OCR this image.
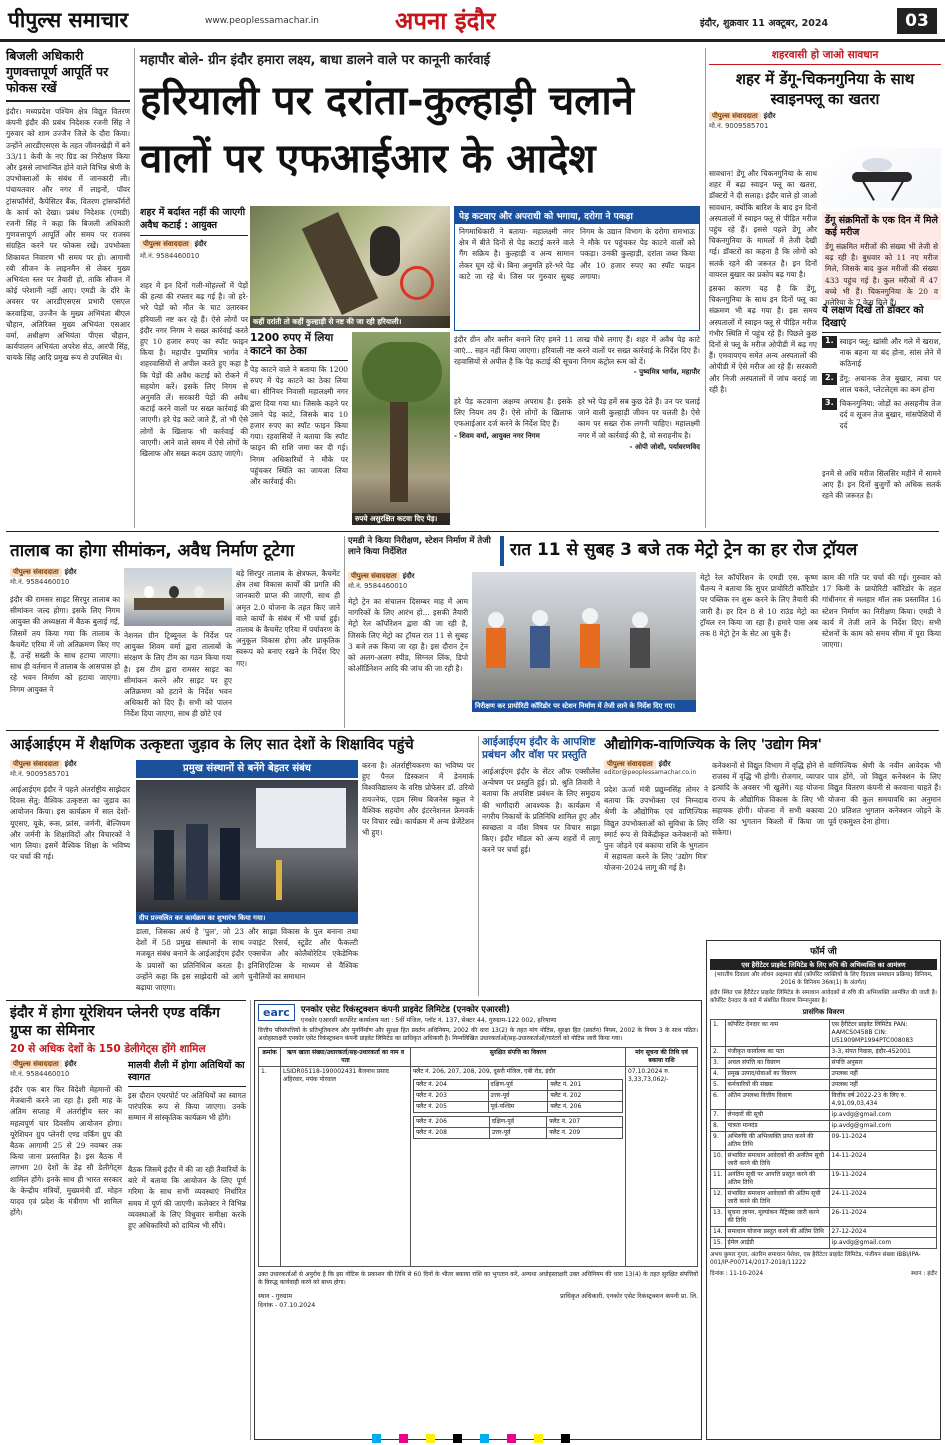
पीपुल्स समाचार	www.peoplessamachar.in	अपना इंदौर	इंदौर, शुक्रवार 11 अक्टूबर, 2024	03
बिजली अधिकारी गुणवत्तापूर्ण आपूर्ति पर फोकस रखें
इंदौर। मध्यप्रदेश पश्चिम क्षेत्र विद्युत वितरण कंपनी इंदौर की प्रबंध निदेशक रजनी सिंह ने गुरुवार को शाम उज्जैन जिले के दौरा किया। उन्होंने आरडीएसएस के तहत जीवनखेड़ी में बने 33/11 केवी के नए ग्रिड का निरीक्षण किया और इससे लाभान्वित होने वाले विभिन्न श्रेणी के उपभोक्ताओं के संबंध में जानकारी ली। पंचायतवार और नगर में लाइनों, पॉवर ट्रांसफॉर्मरों, कैपेसिटर बैंक, वितरण ट्रांसफॉर्मरों के कार्य को देखा। प्रबंध निदेशक (एमडी) रजनी सिंह ने कहा कि बिजली अधिकारी गुणवत्तापूर्ण आपूर्ति और समय पर राजस्व संग्रहित करने पर फोकस रखें। उपभोक्ता शिकायत निवारण भी समय पर हो। आगामी रबी सीजन के लाइनमैन से लेकर मुख्य अभियंता स्तर पर तैयारी हो, ताकि सीजन में कोई परेशानी नहीं आए। एमडी के दौरे के अवसर पर आरडीएसएस प्रभारी एसएल करवाड़िया, उज्जैन के मुख्य अभियंता बीएल चौहान, अतिरिक्त मुख्य अभियंता एसआर वर्मा, अधीक्षण अभियंता पीएस चौहान, कार्यपालन अभियंता अपरेश सेठ, आरपी सिंह, चायके सिंह आदि प्रमुख रूप से उपस्थित थे।
महापौर बोले- ग्रीन इंदौर हमारा लक्ष्य, बाधा डालने वाले पर कानूनी कार्रवाई
हरियाली पर दरांता-कुल्हाड़ी चलाने वालों पर एफआईआर के आदेश
शहर में बर्दाश्त नहीं की जाएगी अवैध कटाई : आयुक्त
पीपुल्स संवाददाता इंदौर
मो.नं. 9584460010
कहीं दरांती तो कहीं कुल्हाड़ी से नष्ट की जा रही हरियाली।
शहर में इन दिनों गली-मोहल्लों में पेड़ों की हत्या की रफ्तार बढ़ गई है। जो हरे-भरे पेड़ों को मौत के घाट उतारकर हरियाली नष्ट कर रहे हैं। ऐसे लोगों पर इंदौर नगर निगम ने सख्त कार्रवाई करते हुए 10 हजार रुपए का स्पॉट फाइन किया है। महापौर पुष्यमित्र भार्गव ने शहरवासियों से अपील करते हुए कहा है कि पेड़ों की अवैध कटाई को रोकने में सहयोग करें। इसके लिए निगम से अनुमति लें। सरकारी पेड़ों की अवैध कटाई करने वालों पर सख्त कार्रवाई की जाएगी। हरे पेड़ काटे जाते हैं, तो भी ऐसे लोगों के खिलाफ भी कार्रवाई की जाएगी। आने वाले समय में ऐसे लोगों के खिलाफ और सख्त कदम उठाए जाएंगे।
1200 रुपए में लिया काटने का ठेका
पेड़ काटने वाले ने बताया कि 1200 रुपए में पेड़ काटने का ठेका लिया था। सीनियर निवासी महालक्ष्मी नगर द्वारा दिया गया था। जिसके कहने पर उसने पेड़ काटे, जिसके बाद 10 हजार रुपए का स्पॉट फाइन किया गया। रहवासियों ने बताया कि स्पॉट फाइन की राशि जमा कर दी गई। निगम अधिकारियों ने मौके पर पहुंचकर स्थिति का जायजा लिया और कार्रवाई की।
रुपये असुरक्षित कटवा दिए पेड़।
पेड़ कटवाए और अपराधी को भगाया, दरोगा ने पकड़ा
निगमाधिकारी ने बताया- महालक्ष्मी नगर क्षेत्र में बीते दिनों से पेड़ कटाई करने वाले गैंग सक्रिय है। कुल्हाड़ी व अन्य सामान लेकर घूम रहे थे। बिना अनुमति हरे-भरे पेड़ काटे जा रहे थे। जिस पर गुरुवार सुबह निगम के उद्यान विभाग के दरोगा रामभाऊ ने मौके पर पहुंचकर पेड़ काटने वालों को पकड़ा। उनकी कुल्हाड़ी, दरांता जब्त किया और 10 हजार रुपए का स्पॉट फाइन लगाया।
इंदौर ग्रीन और क्लीन बनाने लिए हमने 11 लाख पौधे लगाए हैं। शहर में अवैध पेड़ काटे जाएं... सहन नहीं किया जाएगा। हरियाली नष्ट करने वालों पर सख्त कार्रवाई के निर्देश दिए हैं। रहवासियों से अपील है कि पेड़ कटाई की सूचना निगम कंट्रोल रूम को दें।
- पुष्यमित्र भार्गव, महापौर
हरे पेड़ कटवाना अक्षम्य अपराध है। इसके लिए नियम तय हैं। ऐसे लोगों के खिलाफ एफआईआर दर्ज करने के निर्देश दिए हैं।
- शिवम वर्मा, आयुक्त नगर निगम
हरे भरे पेड़ हमें सब कुछ देते हैं। उन पर चलाई जाने वाली कुल्हाड़ी जीवन पर चलती है। ऐसे काम पर सख्त रोक लगनी चाहिए। महालक्ष्मी नगर में जो कार्रवाई की है, वो सराहनीय है।
- ओपी जोशी, पर्यावरणविद
शहरवासी हो जाओ सावधान
शहर में डेंगू-चिकनगुनिया के साथ स्वाइनफ्लू का खतरा
पीपुल्स संवाददाता इंदौर
मो.नं. 9009585701
सावधान! डेंगू और चिकनगुनिया के साथ शहर में बढ़ा स्वाइन फ्लू का खतरा, डॉक्टरों ने दी सलाह। इंदौर वाले हो जाओ सावधान, क्योंकि बारिश के बाद इन दिनों अस्पतालों में स्वाइन फ्लू से पीड़ित मरीज पहुंच रहे हैं। इससे पहले डेंगू और चिकनगुनिया के मामलों में तेजी देखी गई। डॉक्टरों का कहना है कि लोगों को सतर्क रहने की जरूरत है। इन दिनों वायरल बुखार का प्रकोप बढ़ गया है।
इसका कारण यह है कि डेंगू, चिकनगुनिया के साथ इन दिनों फ्लू का संक्रमण भी बढ़ गया है। इस समय अस्पतालों में स्वाइन फ्लू से पीड़ित मरीज गंभीर स्थिति में पहुंच रहे हैं। पिछले कुछ दिनों से फ्लू के मरीज ओपीडी में बढ़ गए हैं। एमवायएच समेत अन्य अस्पतालों की ओपीडी में ऐसे मरीज आ रहे हैं। सरकारी और निजी अस्पतालों में जांच कराई जा रही है।
डेंगू संक्रमितों के एक दिन में मिले कई मरीज
डेंगू संक्रमित मरीजों की संख्या भी तेजी से बढ़ रही है। बुधवार को 11 नए मरीज मिले, जिसके बाद कुल मरीजों की संख्या 433 पहुंच गई है। कुल मरीजों में 47 बच्चे भी हैं। चिकनगुनिया के 20 व मलेरिया के 7 केस मिले हैं।
ये लक्षण दिखें तो डॉक्टर को दिखाएं
1. स्वाइन फ्लू: खांसी और गले में खराश, नाक बहना या बंद होना, सांस लेने में कठिनाई
2. डेंगू: अचानक तेज बुखार, त्वचा पर लाल चकते, प्लेटलेट्स का कम होना
3. चिकनगुनिया: जोड़ों का असहनीय तेज दर्द व सूजन तेज बुखार, मांसपेशियों में दर्द
इनमें से अधि मरीज सिलसिर महीने में सामने आए हैं। इन दिनों बुजुर्गों को अधिक सतर्क रहने की जरूरत है।
तालाब का होगा सीमांकन, अवैध निर्माण टूटेगा
पीपुल्स संवाददाता इंदौर
मो.नं. 9584460010
इंदौर की रामसर साइट सिरपुर तालाब का सीमांकन जल्द होगा। इसके लिए निगम आयुक्त की अध्यक्षता में बैठक बुलाई गई, जिसमें तय किया गया कि तालाब के कैचमेंट एरिया में जो अतिक्रमण किए गए हैं, उन्हें सख्ती के साथ हटाया जाएगा। साथ ही वर्तमान में तालाब के आसपास हो रहे भवन निर्माण को हटाया जाएगा। निगम आयुक्त ने
नेशनल ग्रीन ट्रिब्यूनल के निर्देश पर आयुक्त शिवम वर्मा द्वारा तालाबों के संरक्षण के लिए टीम का गठन किया गया है। इस टीम द्वारा रामसर साइट का सीमांकन करने और साइट पर हुए अतिक्रमण को हटाने के निर्देश भवन अधिकारी को दिए हैं। सभी को पालन निर्देश दिया जाएगा, साथ ही छोटे एवं
बड़े सिरपुर तालाब के क्षेत्रफल, कैचमेंट क्षेत्र तथा विकास कार्यों की प्रगति की जानकारी प्राप्त की जाएगी, साथ ही अमृत 2.0 योजना के तहत किए जाने वाले कार्यों के संबंध में भी चर्चा हुई। तालाब के कैचमेंट एरिया में पर्यावरण के अनुकूल विकास होगा और प्राकृतिक स्वरूप को बनाए रखने के निर्देश दिए गए।
एमडी ने किया निरीक्षण, स्टेशन निर्माण में तेजी लाने किया निर्देशित	रात 11 से सुबह 3 बजे तक मेट्रो ट्रेन का हर रोज ट्रॉयल
पीपुल्स संवाददाता इंदौर
मो.नं. 9584460010
मेट्रो ट्रेन का संचालन दिसम्बर माह में आम नागरिकों के लिए आरंभ हो... इसकी तैयारी मेट्रो रेल कॉर्पोरेशन द्वारा की जा रही है, जिसके लिए मेट्रो का ट्रॉयल रात 11 से सुबह 3 बजे तक किया जा रहा है। इस दौरान ट्रेन को अलग-अलग स्पीड, सिग्नल लिंक, डिपो कोऑर्डिनेशन आदि की जांच की जा रही है।
निरीक्षण कर प्रायोरिटी कॉरिडोर पर स्टेशन निर्माण में तेजी लाने के निर्देश दिए गए।
मेट्रो रेल कॉर्पोरेशन के एमडी एस. कृष्ण चैतन्य ने बताया कि सुपर प्रायोरिटी कॉरिडोर पर पब्लिक रन शुरू करने के लिए तैयारी की जारी है। हर दिन 8 से 10 राउंड मेट्रो का ट्रॉयल रन किया जा रहा है। हमारे पास अब तक 8 मेट्रो ट्रेन के सेट आ चुके हैं।
काम की गति पर चर्चा की गई। गुरुवार को 17 किमी के प्रायोरिटी कॉरिडोर के तहत गांधीनगर से मलहार मॉल तक प्रस्तावित 16 स्टेशन निर्माण का निरीक्षण किया। एमडी ने कार्य में तेजी लाने के निर्देश दिए। सभी स्टेशनों के काम को समय सीमा में पूरा किया जाएगा।
आईआईएम में शैक्षणिक उत्कृष्टता जुड़ाव के लिए सात देशों के शिक्षाविद पहुंचे
पीपुल्स संवाददाता इंदौर
मो.नं. 9009585701
आईआईएम इंदौर ने पहले अंतर्राष्ट्रीय साझेदार दिवस सेतु: वैश्विक उत्कृष्टता का जुड़ाव का आयोजन किया। इस कार्यक्रम में सात देशों- यूएसए, यूके, रूस, फ्रांस, जर्मनी, बेल्जियम और जर्मनी के शिक्षाविदों और विचारकों ने भाग लिया। इसमें वैश्विक शिक्षा के भविष्य पर चर्चा की गई।
प्रमुख संस्थानों से बनेंगे बेहतर संबंध
दीप प्रज्वलित कर कार्यक्रम का शुभारंभ किया गया।
डाला, जिसका अर्थ है 'पुल', जो 23 देशों में 58 प्रमुख संस्थानों के साथ मजबूत संबंध बनाने के आईआईएम इंदौर के प्रयासों का प्रतिनिधित्व करता है। उन्होंने कहा कि इस साझेदारी को आगे बढ़ाया जाएगा।
और साझा विकास के पुल बनाना तथा ज्वाइंट रिसर्च, स्टूडेंट और फैकल्टी एक्सचेंज और कोलैबोरेटिव एकेडेमिक इनिशिएटिव्स के माध्यम से वैश्विक चुनौतियों का समाधान
करना है। अंतर्राष्ट्रीयकरण का भविष्य पर हुए पैनल डिस्कशन में डेनमार्क विश्वविद्यालय के वरिष्ठ प्रोफेसर डॉ. उरियो रायज्नेफ, एडम स्मिथ बिजनेस स्कूल ने वैश्विक सहयोग और इंटरनेशनल फ्रेमवर्क पर विचार रखे। कार्यक्रम में अन्य प्रेजेंटेशन भी हुए।
आईआईएम इंदौर के आपशिष्ट प्रबंधन और वॉश पर प्रस्तुति
आईआईएम इंदौर के सेंटर ऑफ एक्सीलेंस अन्वेषण पर प्रस्तुति हुई। प्रो. श्रुति तिवारी ने बताया कि अपशिष्ट प्रबंधन के लिए समुदाय की भागीदारी आवश्यक है। कार्यक्रम में नगरीय निकायों के प्रतिनिधि शामिल हुए और स्वच्छता व वॉश विषय पर विचार साझा किए। इंदौर मॉडल को अन्य शहरों में लागू करने पर चर्चा हुई।
औद्योगिक-वाणिज्यिक के लिए 'उद्योग मित्र'
पीपुल्स संवाददाता इंदौर
editor@peoplessamachar.co.in
प्रदेश ऊर्जा मंत्री प्रद्युम्नसिंह तोमर ने बताया कि उपभोक्ता एवं निम्नदाब श्रेणी के औद्योगिक एवं वाणिज्यिक विद्युत उपभोक्ताओं को सुविधा के लिए स्मार्ट रूप से विकेंद्रीकृत कनेक्शनों को पुनः जोड़ने एवं बकाया राशि के भुगतान में सहायता करने के लिए 'उद्योग मित्र' योजना-2024 लागू की गई है।
कनेक्शनों से विद्युत विभाग में वृद्धि होने से राजस्व में वृद्धि भी होगी। रोजगार, व्यापार इत्यादि के अवसर भी खुलेंगे। यह योजना राज्य के औद्योगिक विकास के लिए भी सहायक होगी। योजना में सभी बकाया राशि का भुगतान किश्तों में किया जा सकेगा।
वाणिज्यिक श्रेणी के नवीन आवेदक भी पात्र होंगे, जो विद्युत कनेक्शन के लिए विद्युत वितरण कंपनी से करवाना चाहते हैं। योजना की कुल समयावधि का अनुमान 20 प्रतिशत भुगतान कनेक्शन जोड़ने के पूर्व एकमुश्त देना होगा।
इंदौर में होगा यूरेशियन प्लेनरी एण्ड वर्किंग ग्रुप्स का सेमिनार
20 से अधिक देशों के 150 डेलीगेट्स होंगे शामिल
पीपुल्स संवाददाता इंदौर
मो.नं. 9584460010
इंदौर एक बार फिर विदेशी मेहमानों की मेजबानी करने जा रहा है। इसी माह के अंतिम सप्ताह में अंतर्राष्ट्रीय स्तर का महत्वपूर्ण चार दिवसीय आयोजन होगा। यूरेशियन ग्रुप प्लेनरी एण्ड वर्किंग ग्रुप की बैठक आगामी 25 से 29 नवम्बर तक किया जाना प्रस्तावित है। इस बैठक में लगभग 20 देशों के डेढ़ सौ डेलीगेट्स शामिल होंगे। इनके साथ ही भारत सरकार के केन्द्रीय मंत्रियों, मुख्यमंत्री डॉ. मोहन यादव एवं प्रदेश के मंत्रीगण भी शामिल होंगे।
मालवी शैली में होगा अतिथियों का स्वागत
इस दौरान एयरपोर्ट पर अतिथियों का स्वागत पारंपरिक रूप से किया जाएगा। उनके सम्मान में सांस्कृतिक कार्यक्रम भी होंगे।
बैठक जिसमें इंदौर में की जा रही तैयारियों के बारे में बताया कि आयोजन के लिए पूर्ण गरिमा के साथ सभी व्यवस्थाएं निर्धारित समय में पूर्ण की जाएगी। कलेक्टर ने विभिन्न व्यवस्थाओं के लिए विधुवार समीक्षा करके हुए अधिकारियों को दायित्व भी सौंपे।
earc	एनकोर एसेट रिकंस्ट्रक्शन कंपनी प्राइवेट लिमिटेड (एनकोर एआरसी)
एनकोर एआरसी कार्पोरेट कार्यालय पता : 5वीं मंजिल, प्लॉट नं. 137, सेक्टर 44, गुरुग्राम-122 002, हरियाणा
वित्तीय परिसंपत्तियों के प्रतिभूतिकरण और पुनर्निर्माण और सुरक्षा हित प्रवर्तन अधिनियम, 2002 की धारा 13(2) के तहत मांग नोटिस, सुरक्षा हित (प्रवर्तन) नियम, 2002 के नियम 3 के साथ पठित। अधोहस्ताक्षरी एनकोर एसेट रिकंस्ट्रक्शन कंपनी प्राइवेट लिमिटेड का प्राधिकृत अधिकारी है। निम्नलिखित उधारकर्ताओं/सह-उधारकर्ताओं/गारंटरों को नोटिस जारी किया गया।
क्रमांक	ऋण खाता संख्या/उधारकर्ता/सह-उधारकर्ता का नाम व पता	सुरक्षित संपत्ति का विवरण	मांग सूचना की तिथि एवं बकाया राशि
1.	LSIDR05118-190002431 बैजनाथ प्रसाद अहिरवार, मयंक पोरवाल	
फ्लैट नं. 206, 207, 208, 209, दूसरी मंजिल, एबी रोड, इंदौर
फ्लैट नं. 204	दक्षिण-पूर्व	फ्लैट नं. 201
फ्लैट नं. 203	उत्तर-पूर्व	फ्लैट नं. 202
फ्लैट नं. 205	पूर्व-पश्चिम	फ्लैट नं. 206
फ्लैट नं. 206	दक्षिण-पूर्व	फ्लैट नं. 207
फ्लैट नं. 208	उत्तर-पूर्व	फ्लैट नं. 209
	07.10.2024 रु. 3,33,73,062/-
उक्त उधारकर्ताओं से अनुरोध है कि इस नोटिस के प्रकाशन की तिथि से 60 दिनों के भीतर बकाया राशि का भुगतान करें, अन्यथा अधोहस्ताक्षरी उक्त अधिनियम की धारा 13(4) के तहत सुरक्षित संपत्तियों के विरुद्ध कार्यवाही करने को बाध्य होगा।
स्थान - गुरुग्राम
दिनांक - 07.10.2024
प्राधिकृत अधिकारी, एनकोर एसेट रिकंस्ट्रक्शन कंपनी प्रा. लि.
फॉर्म जी
एस हैरीटेटर प्राइवेट लिमिटेड के लिए रुचि की अभिव्यक्ति का आमंत्रण
(भारतीय दिवाला और शोधन अक्षमता बोर्ड (कॉर्पोरेट व्यक्तियों के लिए दिवाला समाधान प्रक्रिया) विनियम, 2016 के विनियम 36क(1) के अंतर्गत)
इंदौर स्थित एस हैरीटेटर प्राइवेट लिमिटेड के समाधान आवेदकों से रुचि की अभिव्यक्ति आमंत्रित की जाती है। कॉर्पोरेट देनदार के बारे में संबंधित विवरण निम्नानुसार है।
प्रासंगिक विवरण
1.	कॉर्पोरेट देनदार का नाम	एस हैरीटेटर प्राइवेट लिमिटेड PAN: AAMCS0458B CIN: U51909MP1994PTC008083
2.	पंजीकृत कार्यालय का पता	3-3, संपत निवास, इंदौर-452001
3.	अचल संपत्ति का विवरण	संपत्ति अनुसार
4.	प्रमुख उत्पाद/सेवाओं का विवरण	उपलब्ध नहीं
5.	कर्मचारियों की संख्या	उपलब्ध नहीं
6.	अंतिम उपलब्ध वित्तीय विवरण	वित्तीय वर्ष 2022-23 के लिए रु. 4,91,09,03,434
7.	लेनदारों की सूची	ip.avdg@gmail.com
8.	पात्रता मानदंड	ip.avdg@gmail.com
9.	अभिरुचि की अभिव्यक्ति प्राप्त करने की अंतिम तिथि	09-11-2024
10.	संभावित समाधान आवेदकों की अनंतिम सूची जारी करने की तिथि	14-11-2024
11.	अनंतिम सूची पर आपत्ति प्रस्तुत करने की अंतिम तिथि	19-11-2024
12.	संभावित समाधान आवेदकों की अंतिम सूची जारी करने की तिथि	24-11-2024
13.	सूचना ज्ञापन, मूल्यांकन मैट्रिक्स जारी करने की तिथि	26-11-2024
14.	समाधान योजना प्रस्तुत करने की अंतिम तिथि	27-12-2024
15.	ईमेल आईडी	ip.avdg@gmail.com
अभय कुमार गुप्ता, अंतरिम समाधान पेशेवर, एस हैरीटेटर प्राइवेट लिमिटेड, पंजीयन संख्या IBBI/IPA-001/IP-P00714/2017-2018/11222
दिनांक : 11-10-2024	स्थान : इंदौर
